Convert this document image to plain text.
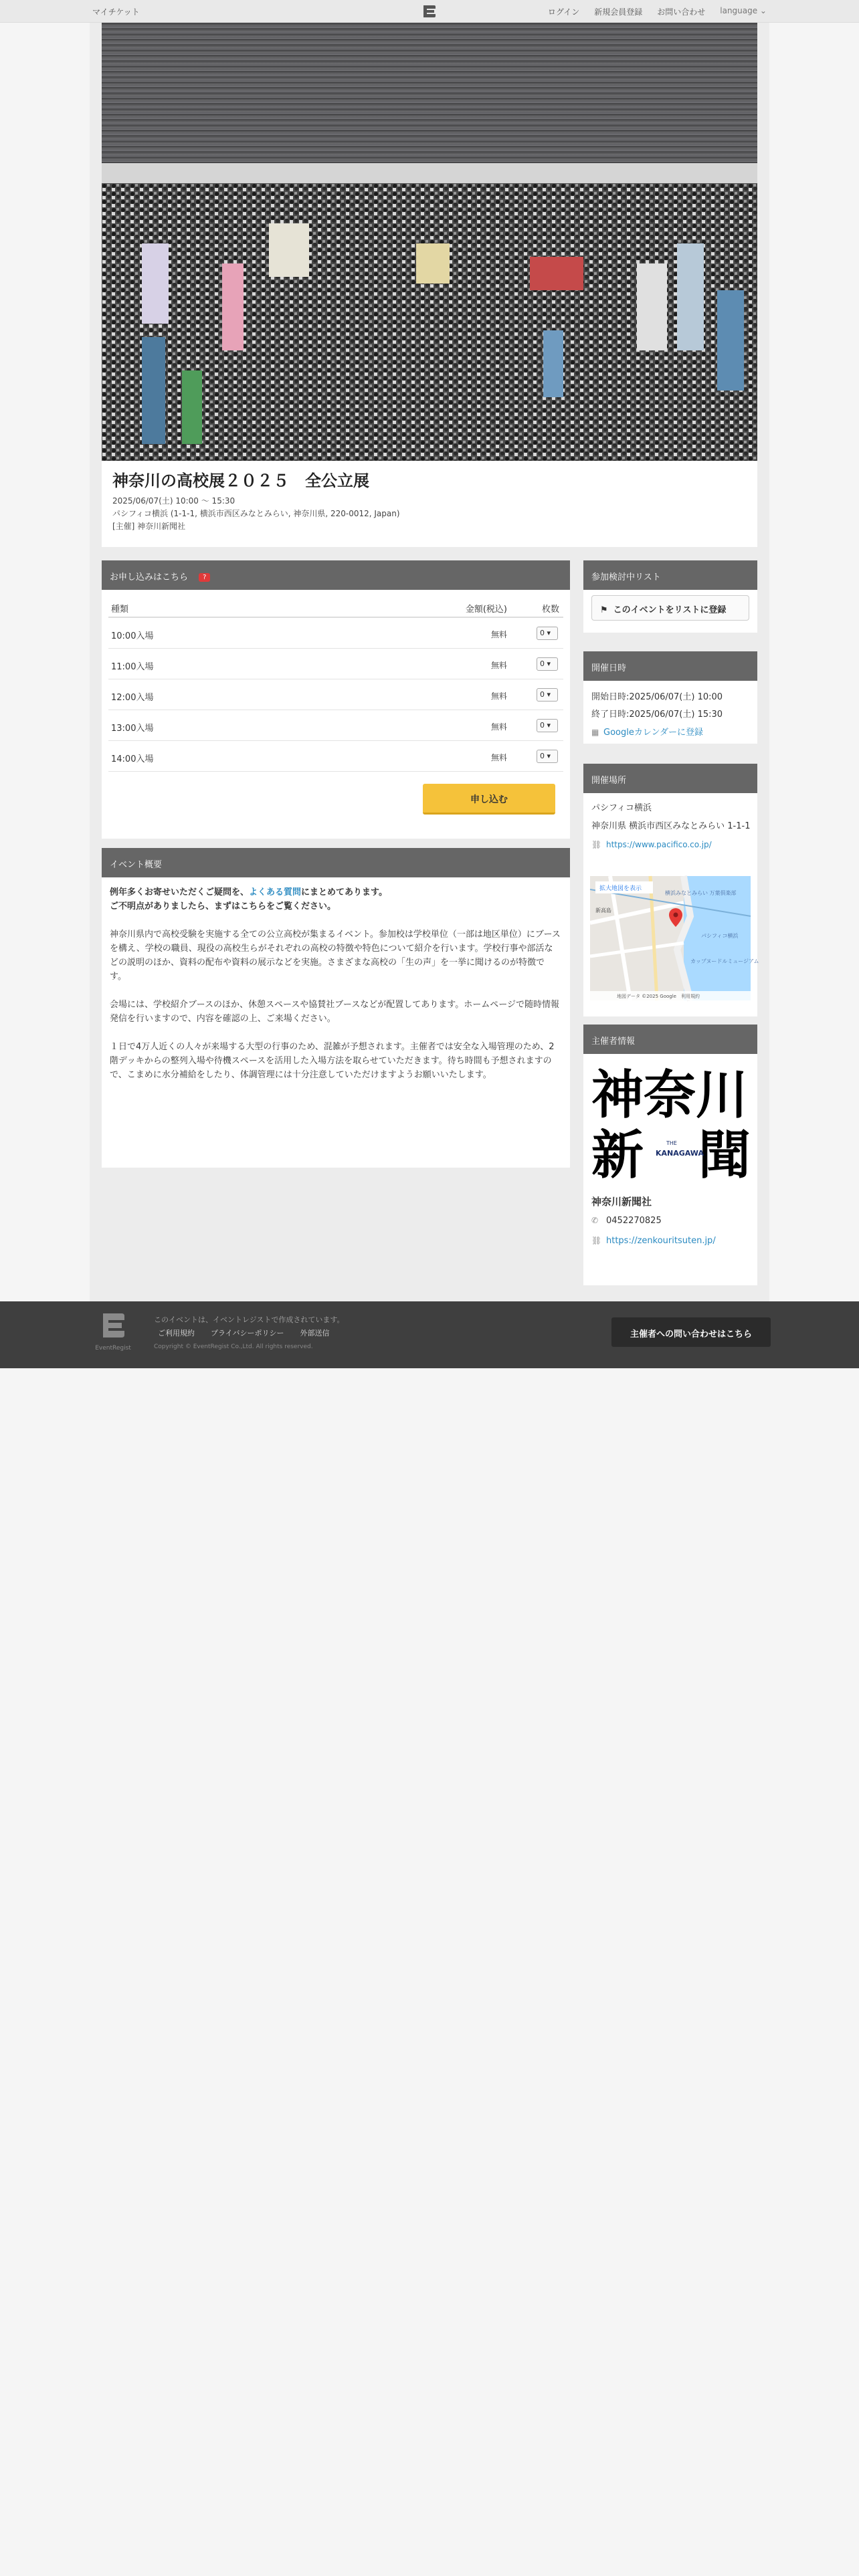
マイチケット	ログイン 新規会員登録 お問い合わせ language ⌄
神奈川の高校展２０２５　全公立展
2025/06/07(土) 10:00 〜 15:30
パシフィコ横浜 (1-1-1, 横浜市西区みなとみらい, 神奈川県, 220-0012, Japan)
[主催] 神奈川新聞社
お申し込みはこちら ?
種類	金額(税込)	枚数
10:00入場	無料	0 ▾
11:00入場	無料	0 ▾
12:00入場	無料	0 ▾
13:00入場	無料	0 ▾
14:00入場	無料	0 ▾
申し込む
イベント概要

例年多くお寄せいただくご疑問を、よくある質問にまとめてあります。
ご不明点がありましたら、まずはこちらをご覧ください。

神奈川県内で高校受験を実施する全ての公立高校が集まるイベント。参加校は学校単位（一部は地区単位）にブースを構え、学校の職員、現役の高校生らがそれぞれの高校の特徴や特色について紹介を行います。学校行事や部活などの説明のほか、資料の配布や資料の展示などを実施。さまざまな高校の「生の声」を一挙に聞けるのが特徴です。

会場には、学校紹介ブースのほか、休憩スペースや協賛社ブースなどが配置してあります。ホームページで随時情報発信を行いますので、内容を確認の上、ご来場ください。

１日で4万人近くの人々が来場する大型の行事のため、混雑が予想されます。主催者では安全な入場管理のため、2階デッキからの整列入場や待機スペースを活用した入場方法を取らせていただきます。待ち時間も予想されますので、こまめに水分補給をしたり、体調管理には十分注意していただけますようお願いいたします。

参加検討中リスト
⚑ このイベントをリストに登録
開催日時
開始日時:2025/06/07(土) 10:00
終了日時:2025/06/07(土) 15:30
▦ Googleカレンダーに登録
開催場所
パシフィコ横浜
神奈川県 横浜市西区みなとみらい 1-1-1
⛓ https://www.pacifico.co.jp/
拡大地図を表示
横浜みなとみらい 万葉倶楽部
カップヌードルミュージアム
パシフィコ横浜
新高島
地図データ ©2025 Google　利用規約
主催者情報
神奈川
新 聞
THE
KANAGAWA
神奈川新聞社
✆ 0452270825
⛓ https://zenkouritsuten.jp/
EventRegist
このイベントは、イベントレジストで作成されています。
ご利用規約 プライバシーポリシー 外部送信
Copyright © EventRegist Co.,Ltd. All rights reserved.
主催者への問い合わせはこちら
